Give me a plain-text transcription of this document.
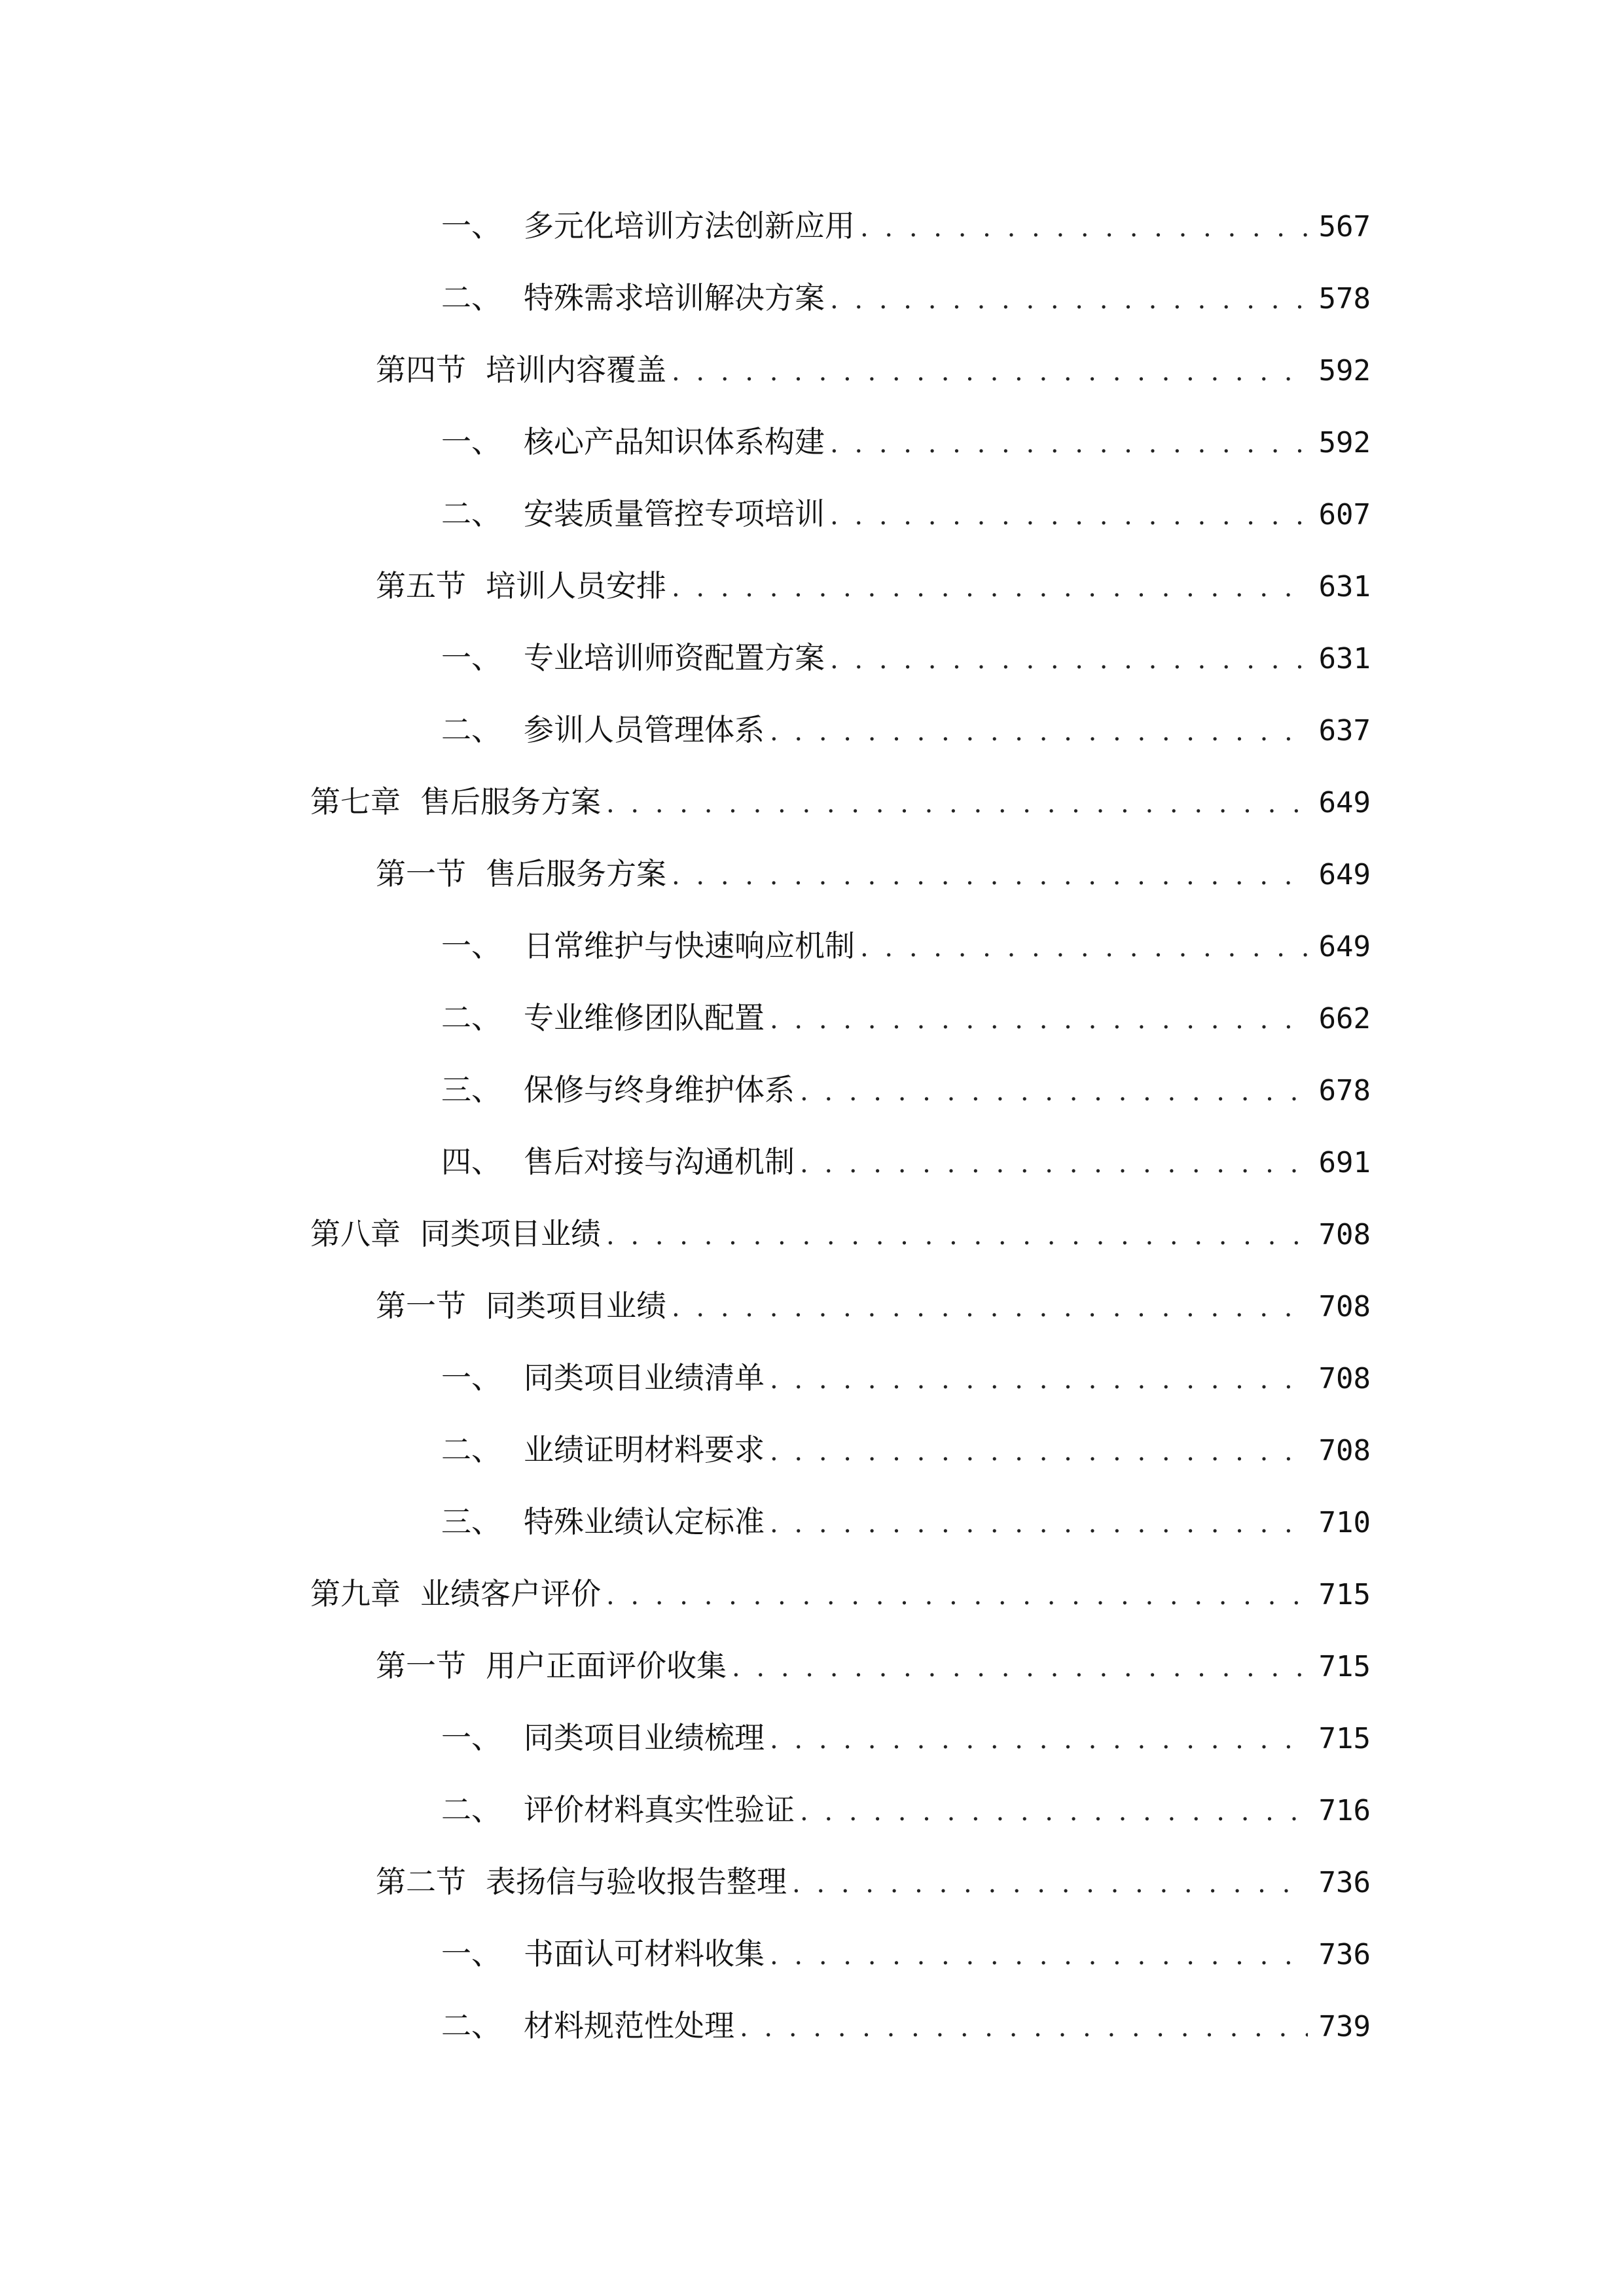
一、 多元化培训方法创新应用 . . .	567
二、 特殊需求培训解决方案 . . .	578
第四节 培训内容覆盖 . . .	592
一、 核心产品知识体系构建 . . .	592
二、 安装质量管控专项培训 . . .	607
第五节 培训人员安排 . . .	631
一、 专业培训师资配置方案 . . .	631
二、 参训人员管理体系 . . .	637
第七章 售后服务方案 . . .	649
第一节 售后服务方案 . . .	649
一、 日常维护与快速响应机制 . . .	649
二、 专业维修团队配置 . . .	662
三、 保修与终身维护体系 . . .	678
四、 售后对接与沟通机制 . . .	691
第八章 同类项目业绩 . . .	708
第一节 同类项目业绩 . . .	708
一、 同类项目业绩清单 . . .	708
二、 业绩证明材料要求 . . .	708
三、 特殊业绩认定标准 . . .	710
第九章 业绩客户评价 . . .	715
第一节 用户正面评价收集 . . .	715
一、 同类项目业绩梳理 . . .	715
二、 评价材料真实性验证 . . .	716
第二节 表扬信与验收报告整理 . . .	736
一、 书面认可材料收集 . . .	736
二、 材料规范性处理 . . .	739
